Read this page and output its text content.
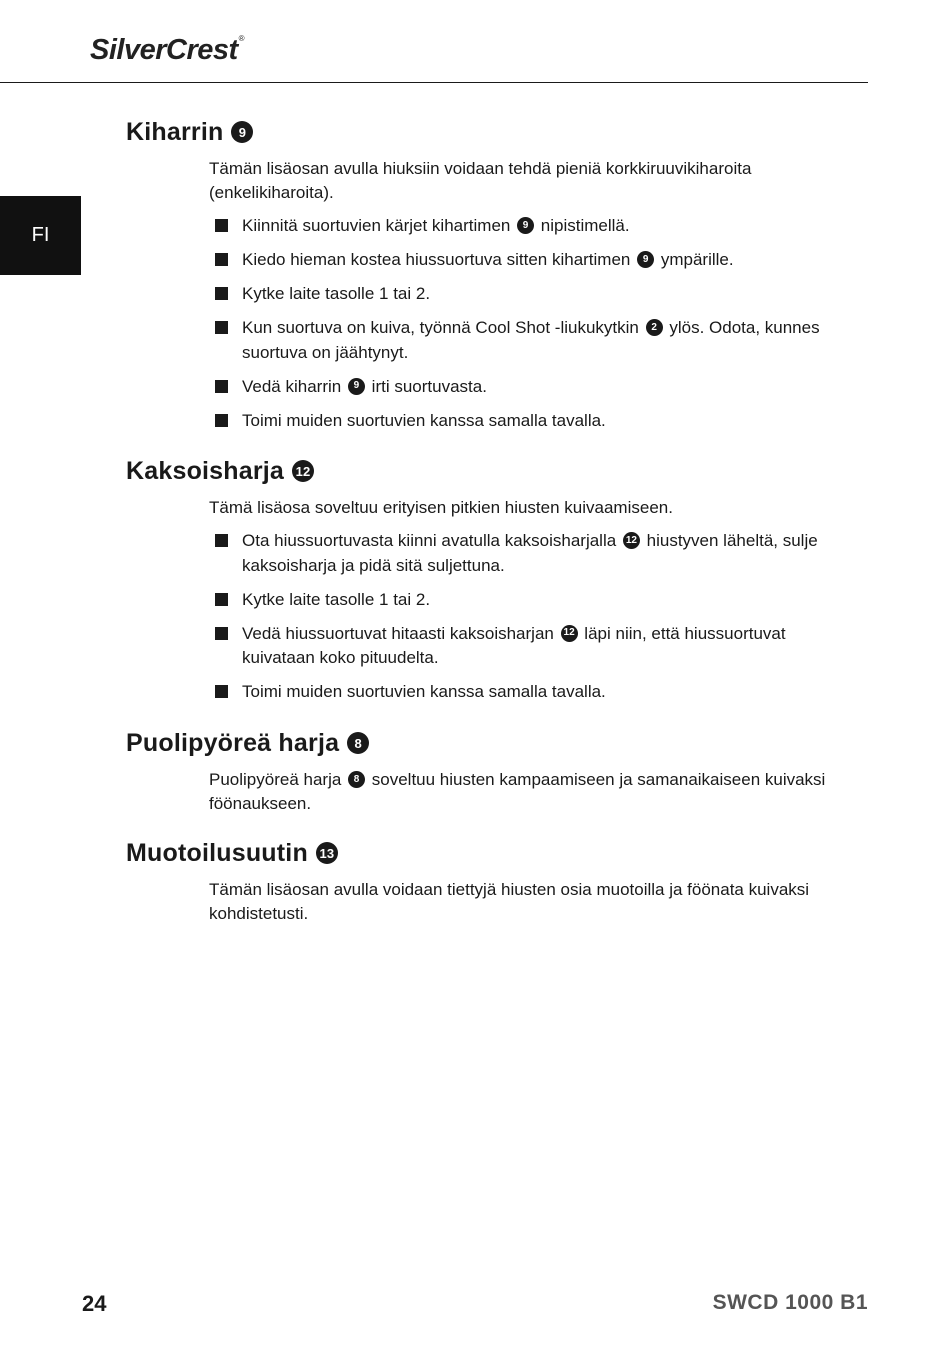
SilverCrest®
FI
Kiharrin	9

Tämän lisäosan avulla hiuksiin voidaan tehdä pieniä korkkiruuvikiharoita (enkelikiharoita).

Kiinnitä suortuvien kärjet kihartimen 9 nipistimellä.
Kiedo hieman kostea hiussuortuva sitten kihartimen 9 ympärille.
Kytke laite tasolle 1 tai 2.
Kun suortuva on kuiva, työnnä Cool Shot -liukukytkin 2 ylös. Odota, kunnes suortuva on jäähtynyt.
Vedä kiharrin 9 irti suortuvasta.
Toimi muiden suortuvien kanssa samalla tavalla.
Kaksoisharja 12

Tämä lisäosa soveltuu erityisen pitkien hiusten kuivaamiseen.

Ota hiussuortuvasta kiinni avatulla kaksoisharjalla 12 hiustyven läheltä, sulje kaksoisharja ja pidä sitä suljettuna.
Kytke laite tasolle 1 tai 2.
Vedä hiussuortuvat hitaasti kaksoisharjan 12 läpi niin, että hiussuortuvat kuivataan koko pituudelta.
Toimi muiden suortuvien kanssa samalla tavalla.
Puolipyöreä harja	8

Puolipyöreä harja 8 soveltuu hiusten kampaamiseen ja samanaikaiseen kuivaksi föönaukseen.

Muotoilusuutin 13

Tämän lisäosan avulla voidaan tiettyjä hiusten osia muotoilla ja föönata kuivaksi kohdistetusti.

24	SWCD 1000 B1
